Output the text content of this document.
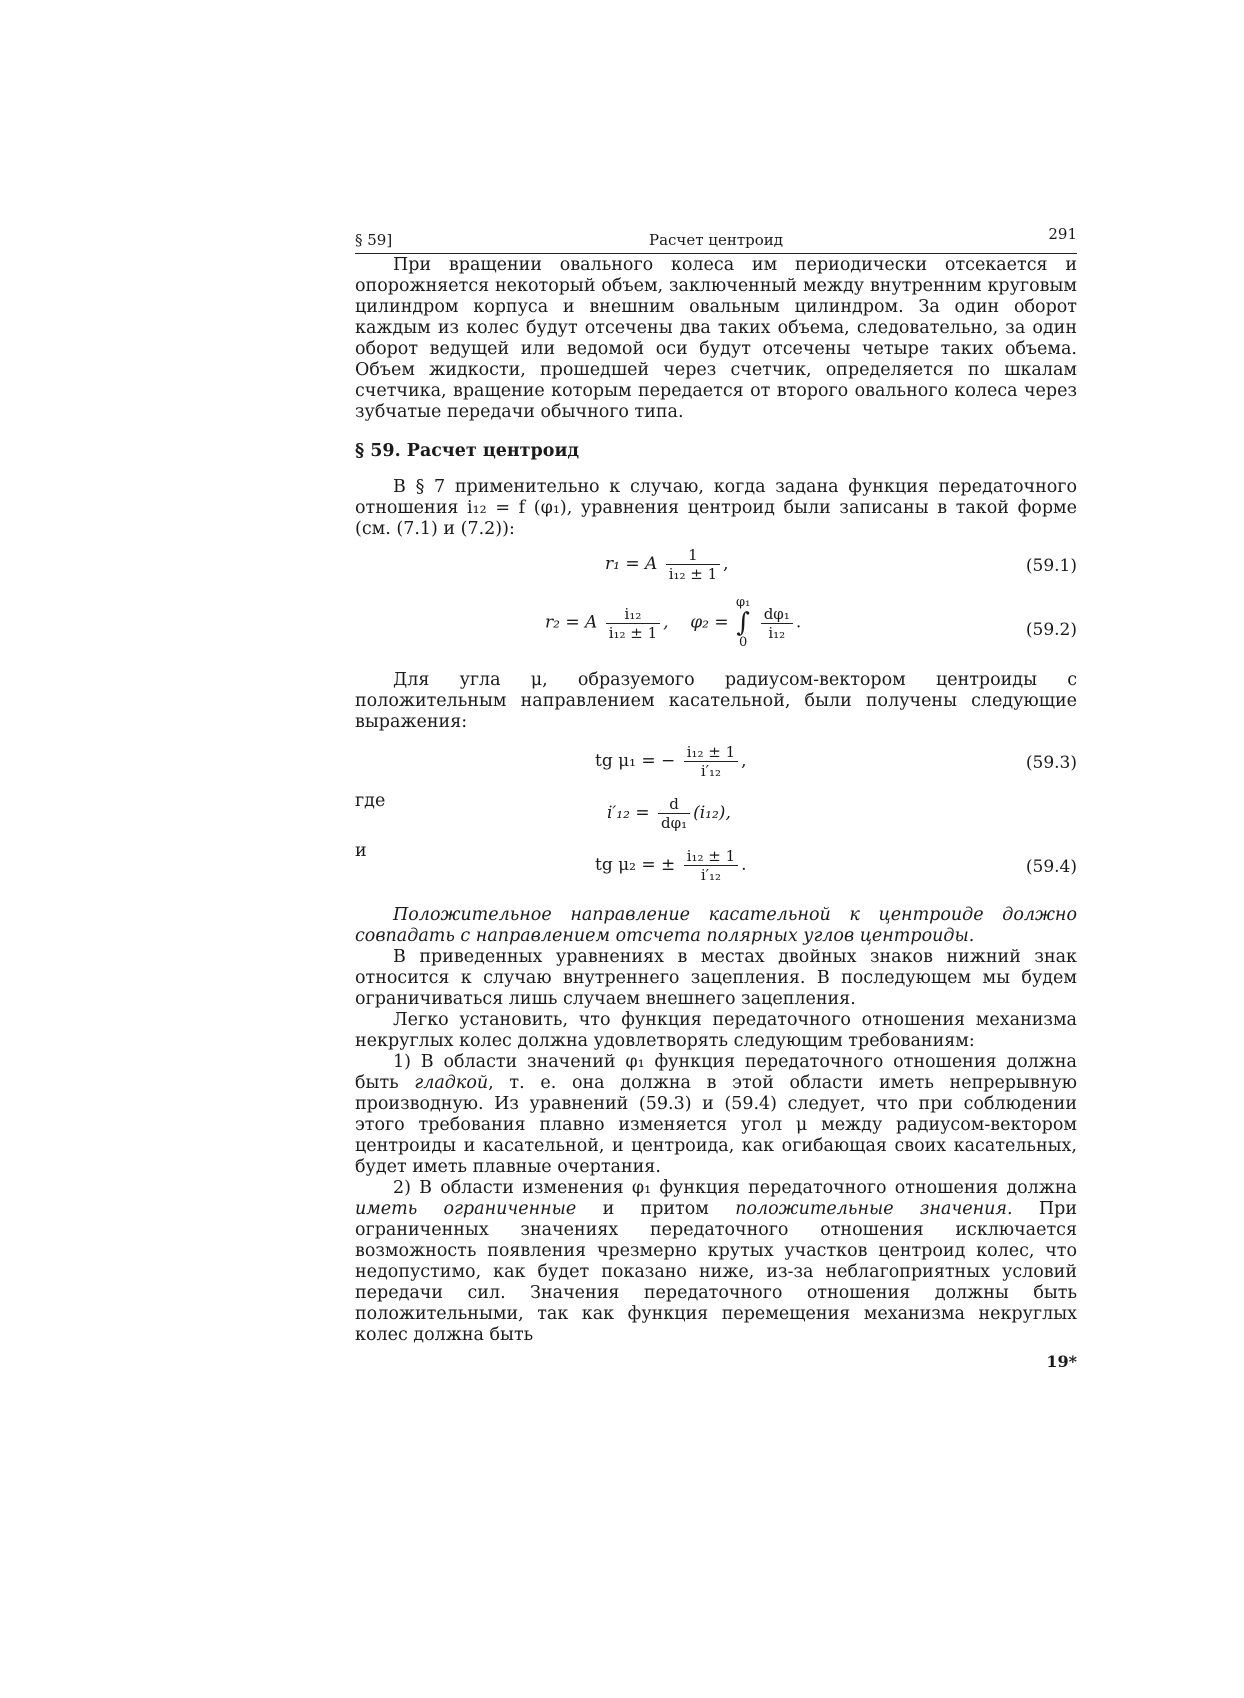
§ 59]	Расчет центроид	291

При вращении овального колеса им периодически отсекается и опорожняется некоторый объем, заключенный между внутренним круговым цилиндром корпуса и внешним овальным цилиндром. За один оборот каждым из колес будут отсечены два таких объема, следовательно, за один оборот ведущей или ведомой оси будут отсечены четыре таких объема. Объем жидкости, прошедшей через счетчик, определяется по шкалам счетчика, вращение которым передается от второго овального колеса через зубчатые передачи обычного типа.

§ 59. Расчет центроид

В § 7 применительно к случаю, когда задана функция передаточного отношения i₁₂ = f (φ₁), уравнения центроид были записаны в такой форме (см. (7.1) и (7.2)):

r₁ = A $\frac{1}{\text{i₁₂ ± 1}}$ ,	(59.1)
r₂ = A $\frac{\text{i₁₂}}{\text{i₁₂ ± 1}}$ ,    φ₂ = φ₁
∫
0
$\frac{\text{dφ₁}}{\text{i₁₂}}$ .	(59.2)

Для угла μ, образуемого радиусом-вектором центроиды с положительным направлением касательной, были получены следующие выражения:

tg μ₁ = − $\frac{\text{i₁₂ ± 1}}{\text{i′₁₂}}$ ,	(59.3)
где
$i'_{12} = \frac{d}{\text{dφ₁}} (i_{12})$,
и
tg μ₂ = ± $\frac{\text{i₁₂ ± 1}}{\text{i′₁₂}}$ .	(59.4)

Положительное направление касательной к центроиде должно совпадать с направлением отсчета полярных углов центроиды.

В приведенных уравнениях в местах двойных знаков нижний знак относится к случаю внутреннего зацепления. В последующем мы будем ограничиваться лишь случаем внешнего зацепления.

Легко установить, что функция передаточного отношения механизма некруглых колес должна удовлетворять следующим требованиям:

1) В области значений φ₁ функция передаточного отношения должна быть гладкой, т. е. она должна в этой области иметь непрерывную производную. Из уравнений (59.3) и (59.4) следует, что при соблюдении этого требования плавно изменяется угол μ между радиусом-вектором центроиды и касательной, и центроида, как огибающая своих касательных, будет иметь плавные очертания.

2) В области изменения φ₁ функция передаточного отношения должна иметь ограниченные и притом положительные значения. При ограниченных значениях передаточного отношения исключается возможность появления чрезмерно крутых участков центроид колес, что недопустимо, как будет показано ниже, из-за неблагоприятных условий передачи сил. Значения передаточного отношения должны быть положительными, так как функция перемещения механизма некруглых колес должна быть

19*
